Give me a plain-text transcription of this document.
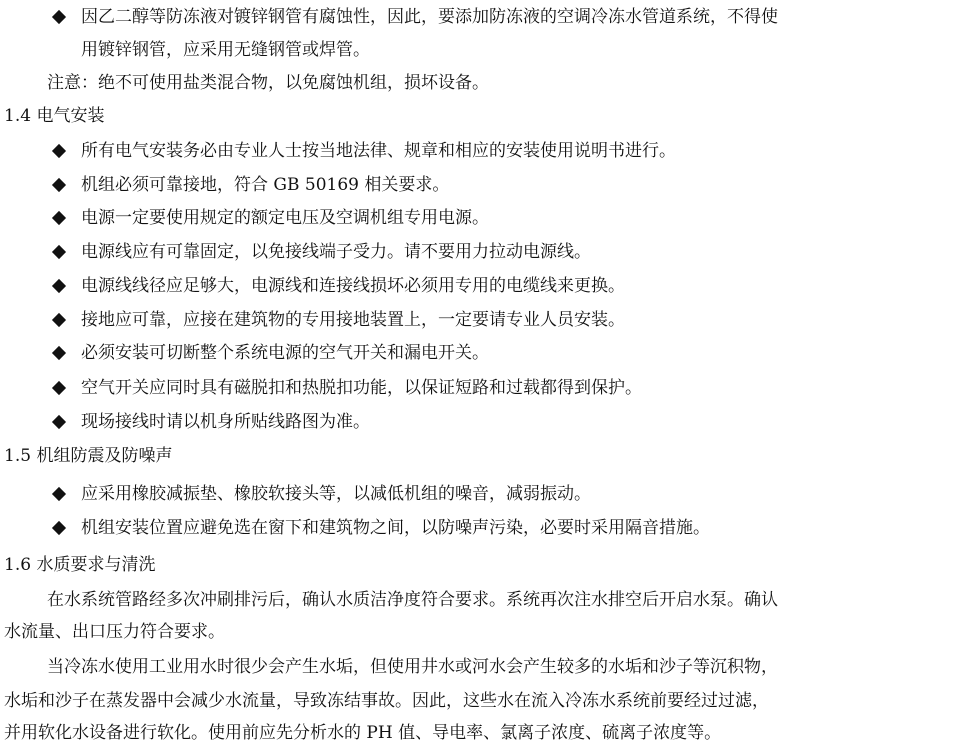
因乙二醇等防冻液对镀锌钢管有腐蚀性，因此，要添加防冻液的空调冷冻水管道系统，不得使
用镀锌钢管，应采用无缝钢管或焊管。
注意：绝不可使用盐类混合物，以免腐蚀机组，损坏设备。
1.4 电气安装
所有电气安装务必由专业人士按当地法律、规章和相应的安装使用说明书进行。
机组必须可靠接地，符合 GB 50169 相关要求。
电源一定要使用规定的额定电压及空调机组专用电源。
电源线应有可靠固定，以免接线端子受力。请不要用力拉动电源线。
电源线线径应足够大，电源线和连接线损坏必须用专用的电缆线来更换。
接地应可靠，应接在建筑物的专用接地装置上，一定要请专业人员安装。
必须安装可切断整个系统电源的空气开关和漏电开关。
空气开关应同时具有磁脱扣和热脱扣功能，以保证短路和过载都得到保护。
现场接线时请以机身所贴线路图为准。
1.5 机组防震及防噪声
应采用橡胶减振垫、橡胶软接头等，以减低机组的噪音，减弱振动。
机组安装位置应避免选在窗下和建筑物之间，以防噪声污染，必要时采用隔音措施。
1.6 水质要求与清洗
在水系统管路经多次冲刷排污后，确认水质洁净度符合要求。系统再次注水排空后开启水泵。确认
水流量、出口压力符合要求。
当冷冻水使用工业用水时很少会产生水垢，但使用井水或河水会产生较多的水垢和沙子等沉积物，
水垢和沙子在蒸发器中会减少水流量，导致冻结事故。因此，这些水在流入冷冻水系统前要经过过滤，
并用软化水设备进行软化。使用前应先分析水的 PH 值、导电率、氯离子浓度、硫离子浓度等。
